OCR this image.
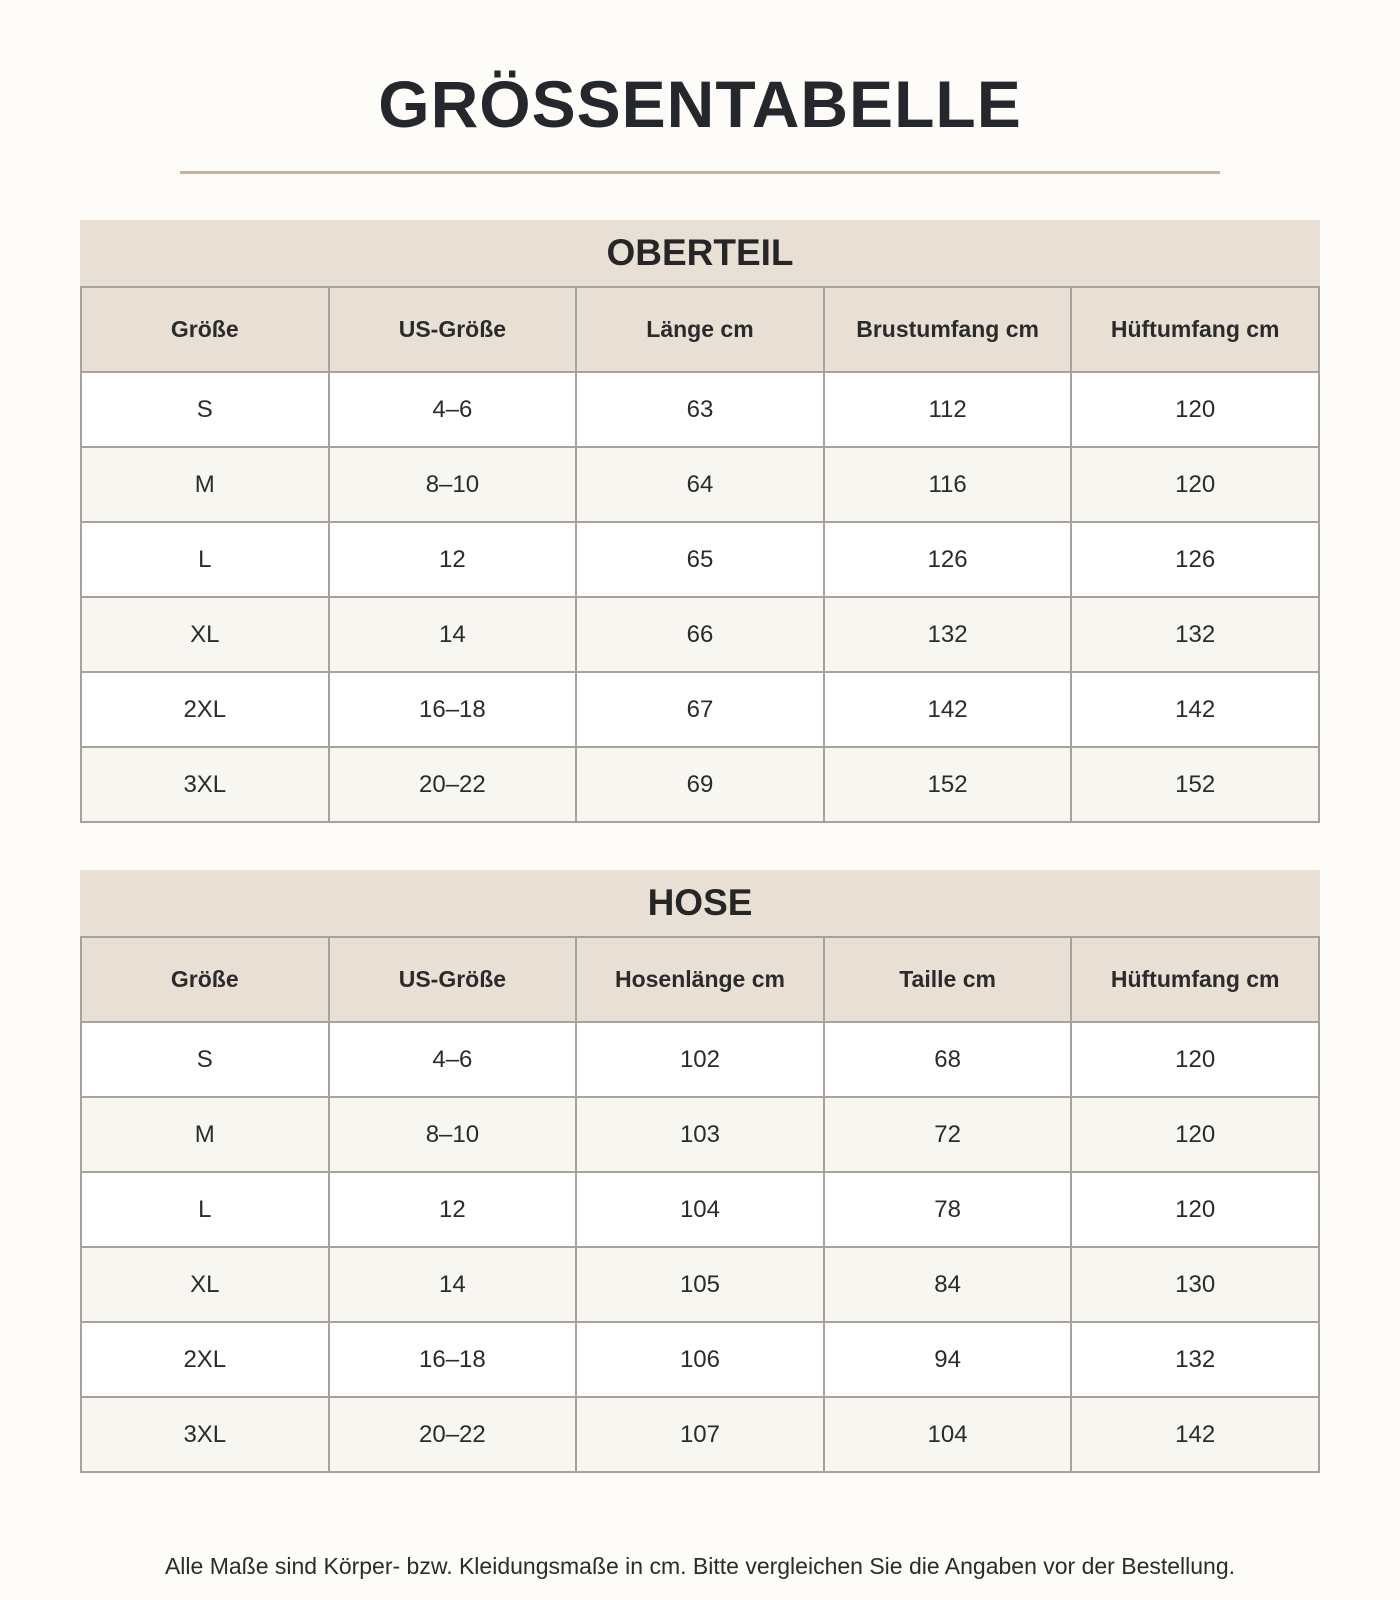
GRÖSSENTABELLE
OBERTEIL
Größe	US-Größe	Länge cm	Brustumfang cm	Hüftumfang cm
S	4–6	63	112	120
M	8–10	64	116	120
L	12	65	126	126
XL	14	66	132	132
2XL	16–18	67	142	142
3XL	20–22	69	152	152
HOSE
Größe	US-Größe	Hosenlänge cm	Taille cm	Hüftumfang cm
S	4–6	102	68	120
M	8–10	103	72	120
L	12	104	78	120
XL	14	105	84	130
2XL	16–18	106	94	132
3XL	20–22	107	104	142

Alle Maße sind Körper- bzw. Kleidungsmaße in cm. Bitte vergleichen Sie die Angaben vor der Bestellung.
